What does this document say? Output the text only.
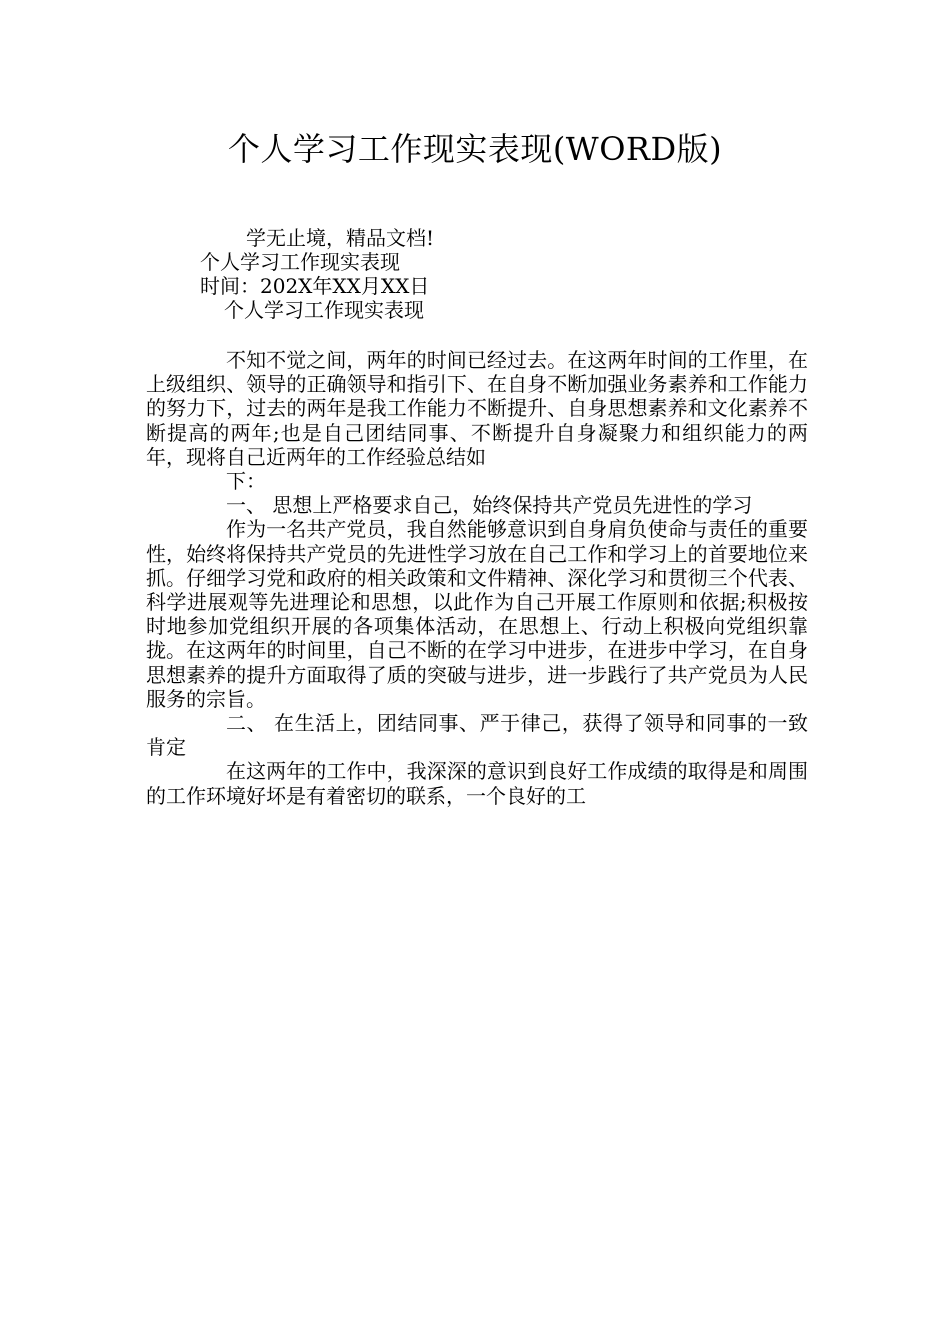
个人学习工作现实表现(WORD版)
学无止境，精品文档!
个人学习工作现实表现
时间：202X年XX月XX日
个人学习工作现实表现

不知不觉之间，两年的时间已经过去。在这两年时间的工作里，在上级组织、领导的正确领导和指引下、在自身不断加强业务素养和工作能力的努力下，过去的两年是我工作能力不断提升、自身思想素养和文化素养不断提高的两年;也是自己团结同事、不断提升自身凝聚力和组织能力的两年，现将自己近两年的工作经验总结如

下：

一、 思想上严格要求自己，始终保持共产党员先进性的学习

作为一名共产党员，我自然能够意识到自身肩负使命与责任的重要性，始终将保持共产党员的先进性学习放在自己工作和学习上的首要地位来抓。仔细学习党和政府的相关政策和文件精神、深化学习和贯彻三个代表、科学进展观等先进理论和思想，以此作为自己开展工作原则和依据;积极按时地参加党组织开展的各项集体活动，在思想上、行动上积极向党组织靠拢。在这两年的时间里，自己不断的在学习中进步，在进步中学习，在自身思想素养的提升方面取得了质的突破与进步，进一步践行了共产党员为人民服务的宗旨。

二、 在生活上，团结同事、严于律己，获得了领导和同事的一致肯定

在这两年的工作中，我深深的意识到良好工作成绩的取得是和周围的工作环境好坏是有着密切的联系，一个良好的工
